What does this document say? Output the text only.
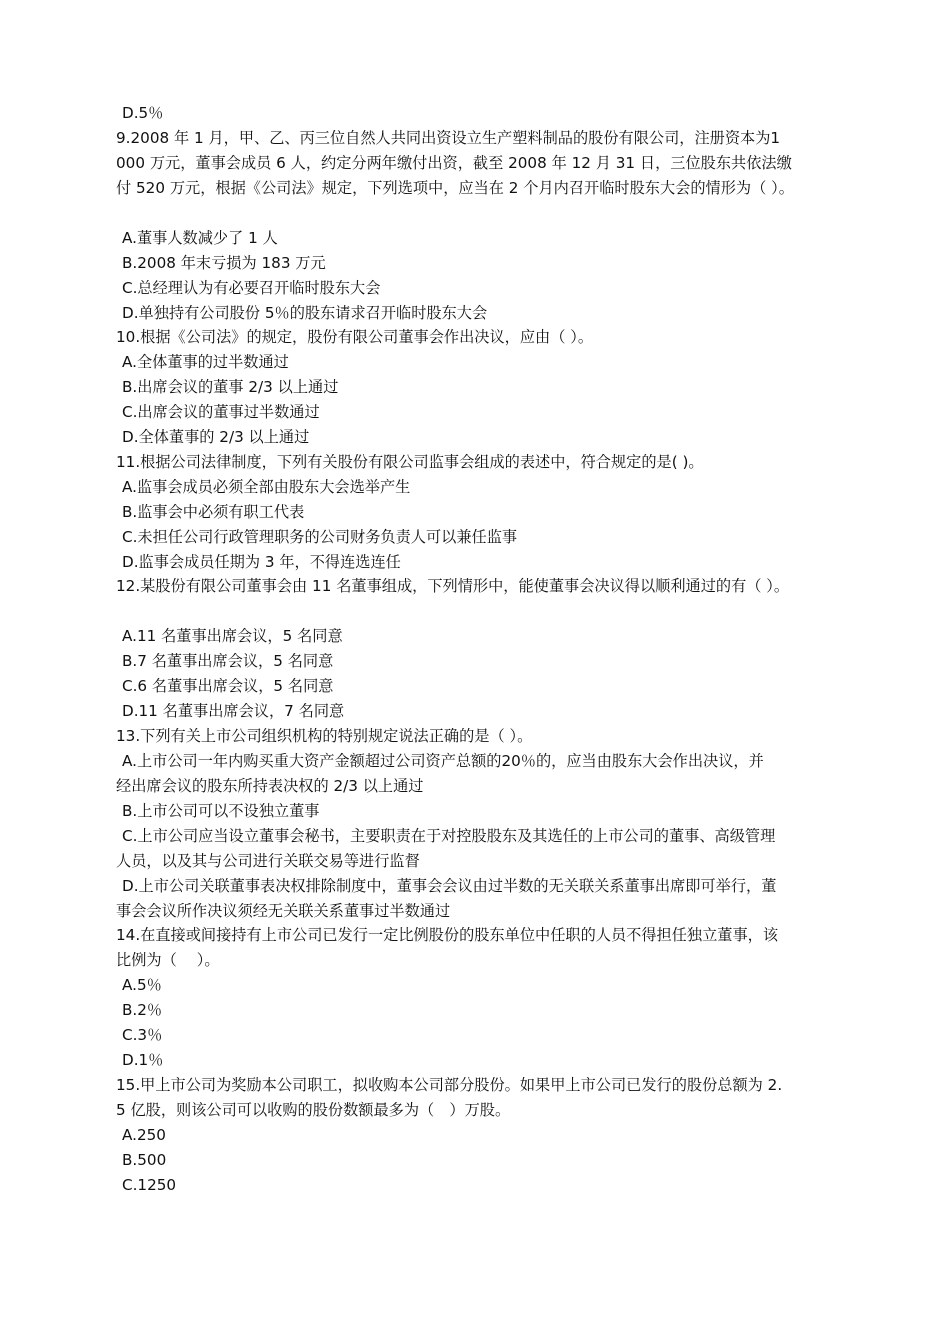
D.5％
9.2008 年 1 月，甲、乙、丙三位自然人共同出资设立生产塑料制品的股份有限公司，注册资本为1
000 万元，董事会成员 6 人，约定分两年缴付出资，截至 2008 年 12 月 31 日，三位股东共依法缴
付 520 万元，根据《公司法》规定，下列选项中，应当在 2 个月内召开临时股东大会的情形为（ ）。
A.董事人数减少了 1 人
B.2008 年末亏损为 183 万元
C.总经理认为有必要召开临时股东大会
D.单独持有公司股份 5％的股东请求召开临时股东大会
10.根据《公司法》的规定，股份有限公司董事会作出决议，应由（ ）。
A.全体董事的过半数通过
B.出席会议的董事 2/3 以上通过
C.出席会议的董事过半数通过
D.全体董事的 2/3 以上通过
11.根据公司法律制度，下列有关股份有限公司监事会组成的表述中，符合规定的是( )。
A.监事会成员必须全部由股东大会选举产生
B.监事会中必须有职工代表
C.未担任公司行政管理职务的公司财务负责人可以兼任监事
D.监事会成员任期为 3 年，不得连选连任
12.某股份有限公司董事会由 11 名董事组成，下列情形中，能使董事会决议得以顺利通过的有（ ）。
A.11 名董事出席会议，5 名同意
B.7 名董事出席会议，5 名同意
C.6 名董事出席会议，5 名同意
D.11 名董事出席会议，7 名同意
13.下列有关上市公司组织机构的特别规定说法正确的是（ ）。
A.上市公司一年内购买重大资产金额超过公司资产总额的20％的，应当由股东大会作出决议，并
经出席会议的股东所持表决权的 2/3 以上通过
B.上市公司可以不设独立董事
C.上市公司应当设立董事会秘书，主要职责在于对控股股东及其选任的上市公司的董事、高级管理
人员，以及其与公司进行关联交易等进行监督
D.上市公司关联董事表决权排除制度中，董事会会议由过半数的无关联关系董事出席即可举行，董
事会会议所作决议须经无关联关系董事过半数通过
14.在直接或间接持有上市公司已发行一定比例股份的股东单位中任职的人员不得担任独立董事，该
比例为（　 ）。
A.5％
B.2％
C.3％
D.1％
15.甲上市公司为奖励本公司职工，拟收购本公司部分股份。如果甲上市公司已发行的股份总额为 2.
5 亿股，则该公司可以收购的股份数额最多为（　）万股。
A.250
B.500
C.1250
